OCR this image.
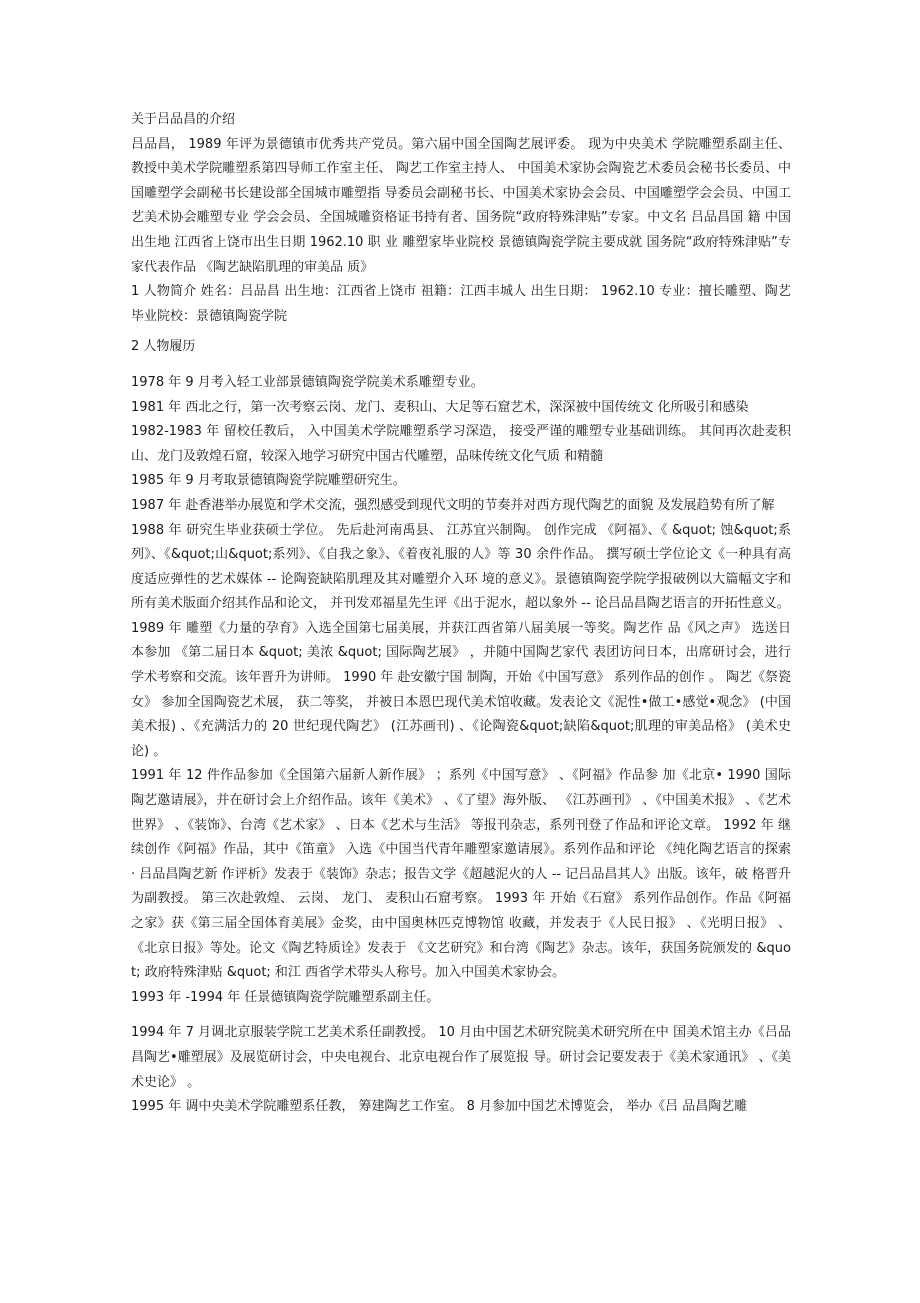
关于吕品昌的介绍

吕品昌， 1989 年评为景德镇市优秀共产党员。第六届中国全国陶艺展评委。 现为中央美术 学院雕塑系副主任、 教授中美术学院雕塑系第四导师工作室主任、 陶艺工作室主持人、 中国美术家协会陶瓷艺术委员会秘书长委员、中国雕塑学会副秘书长建设部全国城市雕塑指 导委员会副秘书长、中国美术家协会会员、中国雕塑学会会员、中国工艺美术协会雕塑专业 学会会员、全国城雕资格证书持有者、国务院“政府特殊津贴”专家。中文名 吕品昌国 籍 中国出生地 江西省上饶市出生日期 1962.10 职 业 雕塑家毕业院校 景德镇陶瓷学院主要成就 国务院“政府特殊津贴”专家代表作品 《陶艺缺陷肌理的审美品 质》

1 人物简介 姓名：吕品昌 出生地：江西省上饶市 祖籍：江西丰城人 出生日期： 1962.10 专业：擅长雕塑、陶艺 毕业院校：景德镇陶瓷学院

2 人物履历

1978 年 9 月考入轻工业部景德镇陶瓷学院美术系雕塑专业。

1981 年 西北之行，第一次考察云岗、龙门、麦积山、大足等石窟艺术，深深被中国传统文 化所吸引和感染

1982-1983 年 留校任教后， 入中国美术学院雕塑系学习深造， 接受严谨的雕塑专业基础训练。 其间再次赴麦积山、龙门及敦煌石窟，较深入地学习研究中国古代雕塑，品味传统文化气质 和精髓

1985 年 9 月考取景德镇陶瓷学院雕塑研究生。

1987 年 赴香港举办展览和学术交流，强烈感受到现代文明的节奏并对西方现代陶艺的面貌 及发展趋势有所了解

1988 年 研究生毕业获硕士学位。 先后赴河南禹县、 江苏宜兴制陶。 创作完成 《阿福》、《 &quot; 蚀&quot;系列》、《&quot;山&quot;系列》、《自我之象》、《着夜礼服的人》等 30 余件作品。 撰写硕士学位论文《一种具有高度适应弹性的艺术媒体 -- 论陶瓷缺陷肌理及其对雕塑介入环 境的意义》。景德镇陶瓷学院学报破例以大篇幅文字和所有美术版面介绍其作品和论文， 并刊发邓福星先生评《出于泥水，超以象外 -- 论吕品昌陶艺语言的开拓性意义。

1989 年 雕塑《力量的孕育》入选全国第七届美展，并获江西省第八届美展一等奖。陶艺作 品《风之声》 选送日本参加 《第二届日本 &quot; 美浓 &quot; 国际陶艺展》 ，并随中国陶艺家代 表团访问日本，出席研讨会，进行学术考察和交流。该年晋升为讲师。 1990 年 赴安徽宁国 制陶，开始《中国写意》 系列作品的创作 。 陶艺《祭瓷女》 参加全国陶瓷艺术展， 获二等奖， 并被日本恩巴现代美术馆收藏。发表论文《泥性•做工•感觉•观念》 (中国美术报) 、《充满活力的 20 世纪现代陶艺》 (江苏画刊) 、《论陶瓷&quot;缺陷&quot;肌理的审美品格》 (美术史 论) 。

1991 年 12 件作品参加《全国第六届新人新作展》 ；系列《中国写意》 、《阿福》作品参 加《北京• 1990 国际陶艺邀请展》，并在研讨会上介绍作品。该年《美术》 、《了望》海外版、 《江苏画刊》 、《中国美术报》 、《艺术世界》 、《装饰》、台湾《艺术家》 、日本《艺术与生活》 等报刊杂志，系列刊登了作品和评论文章。 1992 年 继续创作《阿福》作品，其中《笛童》 入选《中国当代青年雕塑家邀请展》。系列作品和评论 《纯化陶艺语言的探索 · 吕品昌陶艺新 作评析》发表于《装饰》杂志；报告文学《超越泥火的人 -- 记吕品昌其人》出版。该年，破 格晋升为副教授。 第三次赴敦煌、 云岗、 龙门、 麦积山石窟考察。 1993 年 开始《石窟》 系列作品创作。作品《阿福之家》获《第三届全国体育美展》金奖，由中国奥林匹克博物馆 收藏，并发表于《人民日报》 、《光明日报》 、《北京日报》等处。论文《陶艺特质诠》发表于 《文艺研究》和台湾《陶艺》杂志。该年，获国务院颁发的 &quot; 政府特殊津贴 &quot; 和江 西省学术带头人称号。加入中国美术家协会。

1993 年 -1994 年 任景德镇陶瓷学院雕塑系副主任。

1994 年 7 月调北京服装学院工艺美术系任副教授。 10 月由中国艺术研究院美术研究所在中 国美术馆主办《吕品昌陶艺•雕塑展》及展览研讨会，中央电视台、北京电视台作了展览报 导。研讨会记要发表于《美术家通讯》 、《美术史论》 。

1995 年 调中央美术学院雕塑系任教， 筹建陶艺工作室。 8 月参加中国艺术博览会， 举办《吕 品昌陶艺雕
